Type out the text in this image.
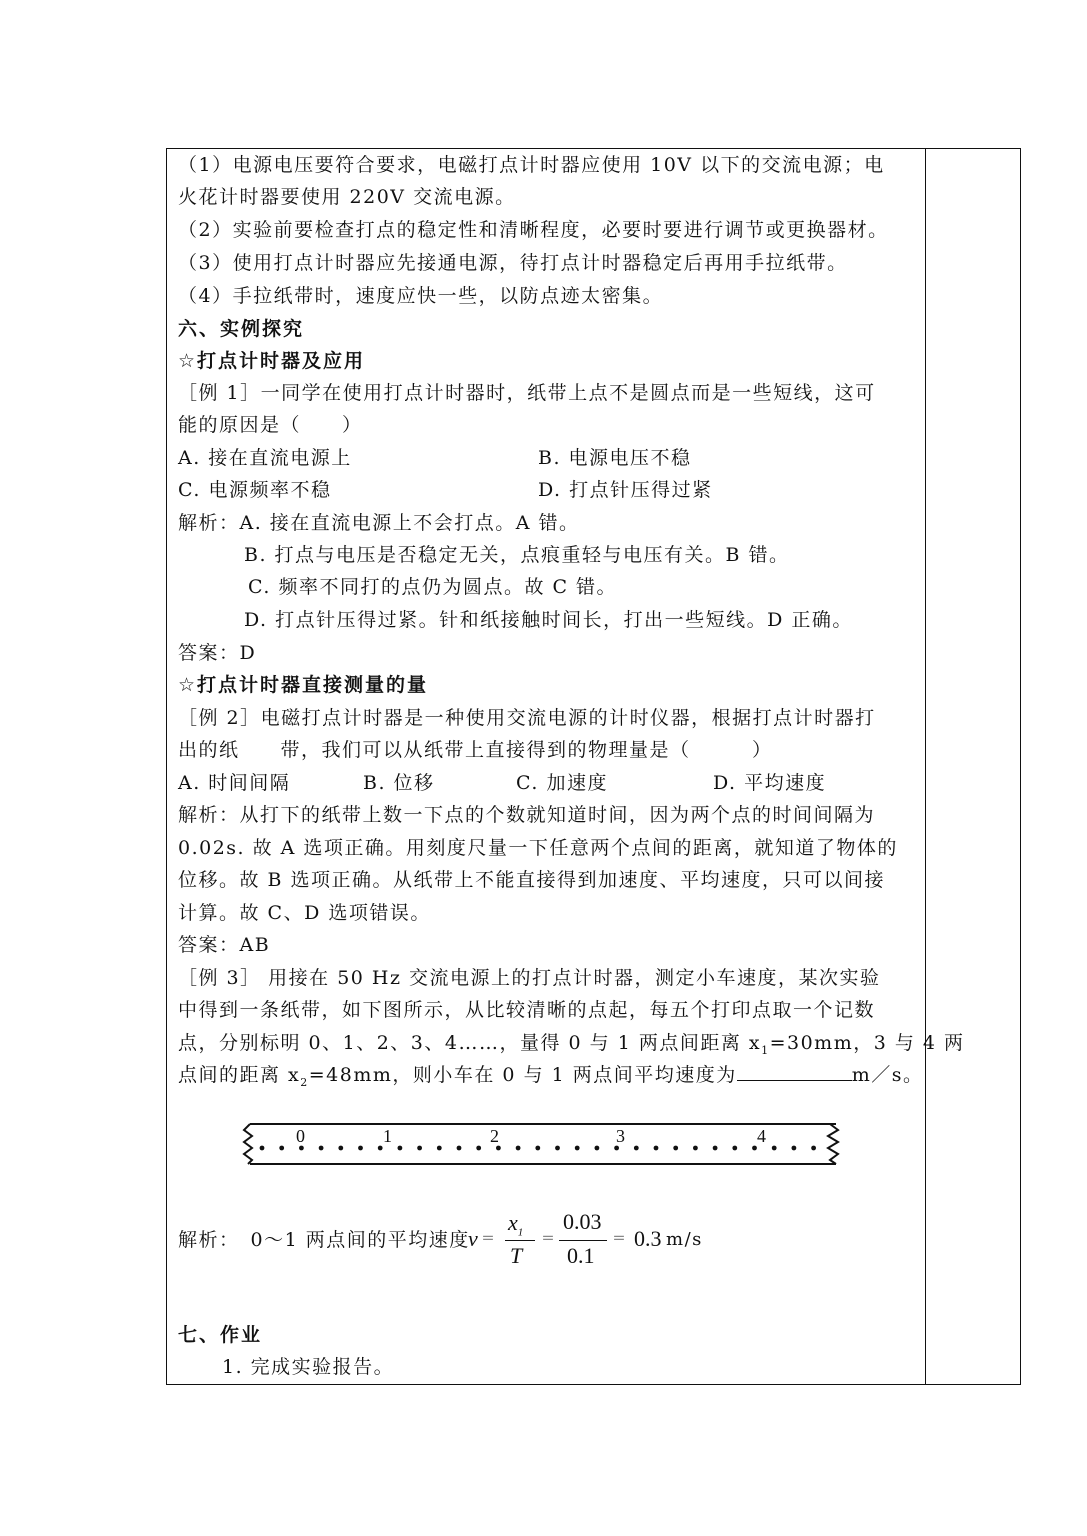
（1）电源电压要符合要求，电磁打点计时器应使用 10V 以下的交流电源；电
火花计时器要使用 220V 交流电源。
（2）实验前要检查打点的稳定性和清晰程度，必要时要进行调节或更换器材。
（3）使用打点计时器应先接通电源，待打点计时器稳定后再用手拉纸带。
（4）手拉纸带时，速度应快一些，以防点迹太密集。
六、实例探究
☆打点计时器及应用
［例 1］一同学在使用打点计时器时，纸带上点不是圆点而是一些短线，这可
能的原因是（　　）
A. 接在直流电源上	B. 电源电压不稳
C. 电源频率不稳	D. 打点针压得过紧
解析：A. 接在直流电源上不会打点。A 错。
B. 打点与电压是否稳定无关，点痕重轻与电压有关。B 错。
C. 频率不同打的点仍为圆点。故 C 错。
D. 打点针压得过紧。针和纸接触时间长，打出一些短线。D 正确。
答案：D
☆打点计时器直接测量的量
［例 2］电磁打点计时器是一种使用交流电源的计时仪器，根据打点计时器打
出的纸　　带，我们可以从纸带上直接得到的物理量是（　　　）
A. 时间间隔	B. 位移	C. 加速度	D. 平均速度
解析：从打下的纸带上数一下点的个数就知道时间，因为两个点的时间间隔为
0.02s. 故 A 选项正确。用刻度尺量一下任意两个点间的距离，就知道了物体的
位移。故 B 选项正确。从纸带上不能直接得到加速度、平均速度，只可以间接
计算。故 C、D 选项错误。
答案：AB
［例 3］ 用接在 50 Hz 交流电源上的打点计时器，测定小车速度，某次实验
中得到一条纸带，如下图所示，从比较清晰的点起，每五个打印点取一个记数
点，分别标明 0、1、2、3、4……，量得 0 与 1 两点间距离 $x_1=30mm$，3 与 4 两
点间的距离 $x_2=48mm$，则小车在 0 与 1 两点间平均速度为	m／s。
解析：　0～1 两点间的平均速度
七、作业
1. 完成实验报告。
0	1	2	3	4
v ＝
$x_1$
T
＝
0.03
0.1
＝ 0.3 m/s
